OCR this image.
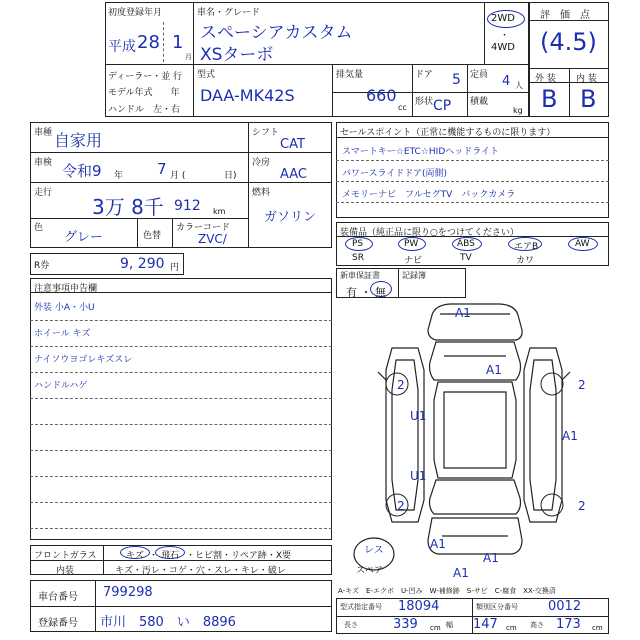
初度登録年月
平成 28 1
月
車名・グレード
スペーシアカスタム
XSターボ
2WD
・
4WD
評　価　点
(4.5)
外 装 内 装
B B
ディーラー・並 行
モデル年式　　年
ハンドル　左・右
型式
DAA-MK42S
排気量
660
cc
ドア 5 定員 4 人
形状 CP 積載
kg
車種 自家用
車検 令和9 年 7 月 (	日)
走行
3万 8千 912 km
色
グレー	色替
カラーコード
ZVC/
シフト
CAT
冷房
AAC
燃料
ガソリン
R券	9, 290 円
セールスポイント（正常に機能するものに限ります）
スマートキー☆ETC☆HIDヘッドライト
パワースライドドア(両側)
メモリーナビ　フルセグTV　バックカメラ
装備品（純正品に限り○をつけてください）
PS	PW	ABS	エアB	AW
SR	ナビ	TV	カワ
新車保証書	記録簿
有 ・ 無
注意事項申告欄
外装 小A・小U
ホイール キズ
ナイソウヨゴレキズスレ
ハンドルハゲ
フロントガラス	キズ ・ 飛石 ・ヒビ割・リペア跡・X要
内装	キズ・汚レ・コゲ・穴・スレ・キレ・破レ
車台番号 799298
登録番号 市川　580　い　8896
A1
A1
A1
U1
U1
2	2
2	2
A1
A1
A1
レス
スペア
A-キズ　E-エクボ　U-凹み　W-補修跡　S-サビ　C-腐食　XX-交換済
型式指定番号 18094	類別区分番号 0012
長さ	339 cm 幅 147 cm 高さ 173 cm
